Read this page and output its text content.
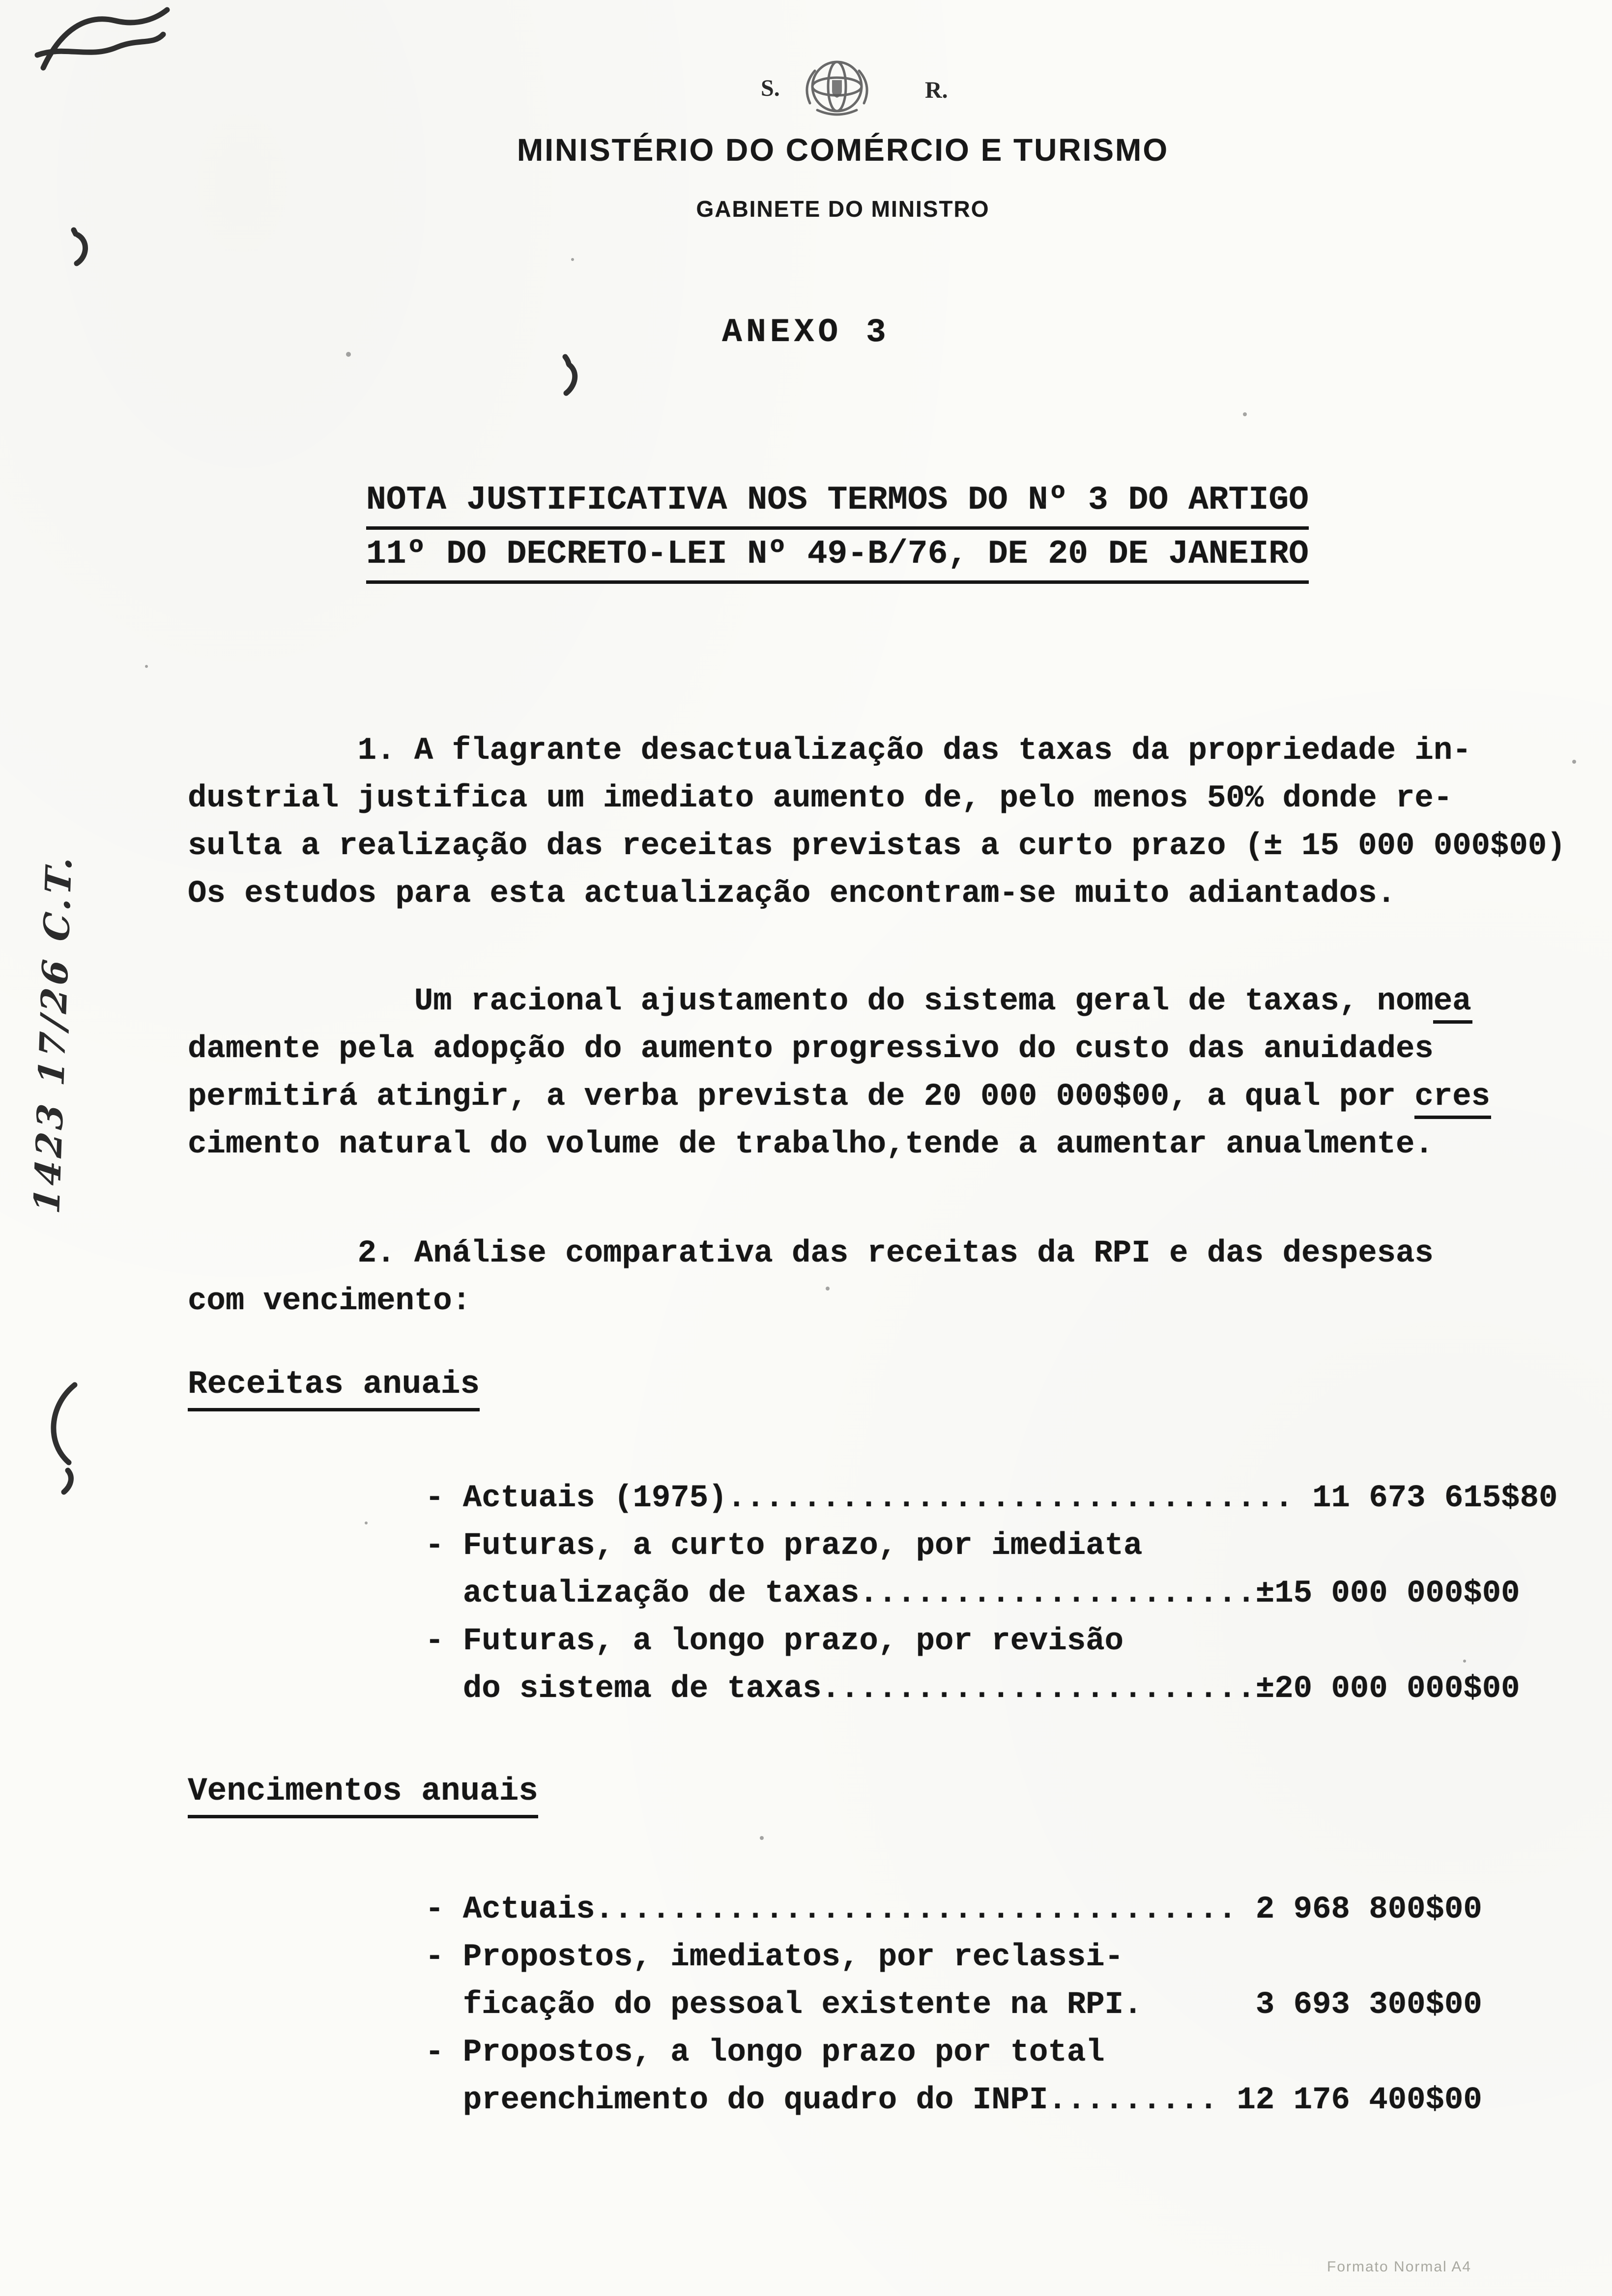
S.	R.
MINISTÉRIO DO COMÉRCIO E TURISMO
GABINETE DO MINISTRO
ANEXO 3
NOTA JUSTIFICATIVA NOS TERMOS DO Nº 3 DO ARTIGO
11º DO DECRETO-LEI Nº 49-B/76, DE 20 DE JANEIRO
1. A flagrante desactualização das taxas da propriedade in-
dustrial justifica um imediato aumento de, pelo menos 50% donde re-
sulta a realização das receitas previstas a curto prazo (± 15 000 000$00)
Os estudos para esta actualização encontram-se muito adiantados.
Um racional ajustamento do sistema geral de taxas, nomea
damente pela adopção do aumento progressivo do custo das anuidades
permitirá atingir, a verba prevista de 20 000 000$00, a qual por cres
cimento natural do volume de trabalho,tende a aumentar anualmente.
2. Análise comparativa das receitas da RPI e das despesas
com vencimento:
Receitas anuais
- Actuais (1975).............................. 11 673 615$80
- Futuras, a curto prazo, por imediata
actualização de taxas.....................±15 000 000$00
- Futuras, a longo prazo, por revisão
do sistema de taxas.......................±20 000 000$00
Vencimentos anuais
- Actuais.................................. 2 968 800$00
- Propostos, imediatos, por reclassi-
ficação do pessoal existente na RPI.      3 693 300$00
- Propostos, a longo prazo por total
preenchimento do quadro do INPI......... 12 176 400$00
1423 17/26 C.T.
Formato Normal A4
